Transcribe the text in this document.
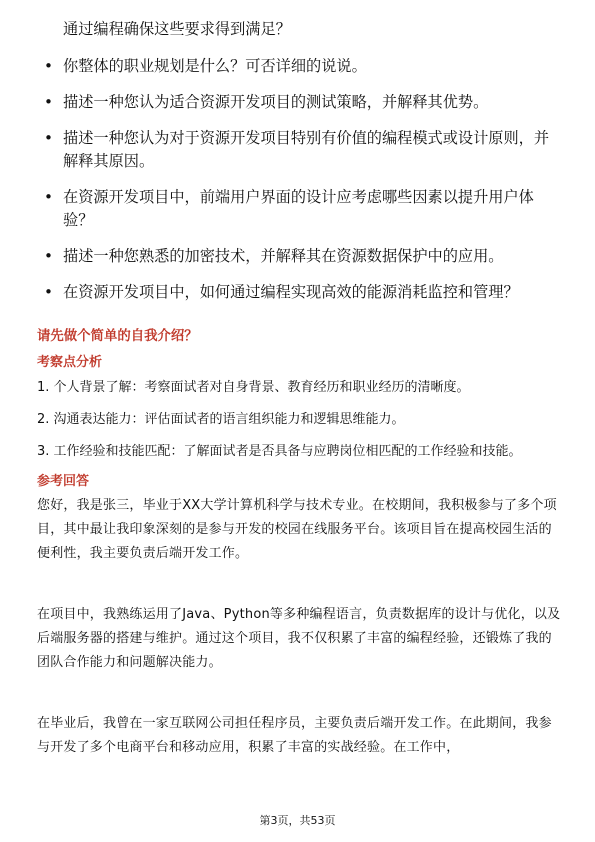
通过编程确保这些要求得到满足？
• 你整体的职业规划是什么？可否详细的说说。
• 描述一种您认为适合资源开发项目的测试策略，并解释其优势。
• 描述一种您认为对于资源开发项目特别有价值的编程模式或设计原则，并解释其原因。
• 在资源开发项目中，前端用户界面的设计应考虑哪些因素以提升用户体验？
• 描述一种您熟悉的加密技术，并解释其在资源数据保护中的应用。
• 在资源开发项目中，如何通过编程实现高效的能源消耗监控和管理？
请先做个简单的自我介绍？
考察点分析
1. 个人背景了解：考察面试者对自身背景、教育经历和职业经历的清晰度。
2. 沟通表达能力：评估面试者的语言组织能力和逻辑思维能力。
3. 工作经验和技能匹配：了解面试者是否具备与应聘岗位相匹配的工作经验和技能。
参考回答
您好，我是张三，毕业于XX大学计算机科学与技术专业。在校期间，我积极参与了多个项目，其中最让我印象深刻的是参与开发的校园在线服务平台。该项目旨在提高校园生活的便利性，我主要负责后端开发工作。
在项目中，我熟练运用了Java、Python等多种编程语言，负责数据库的设计与优化，以及后端服务器的搭建与维护。通过这个项目，我不仅积累了丰富的编程经验，还锻炼了我的团队合作能力和问题解决能力。
在毕业后，我曾在一家互联网公司担任程序员，主要负责后端开发工作。在此期间，我参与开发了多个电商平台和移动应用，积累了丰富的实战经验。在工作中，
第3页，共53页
